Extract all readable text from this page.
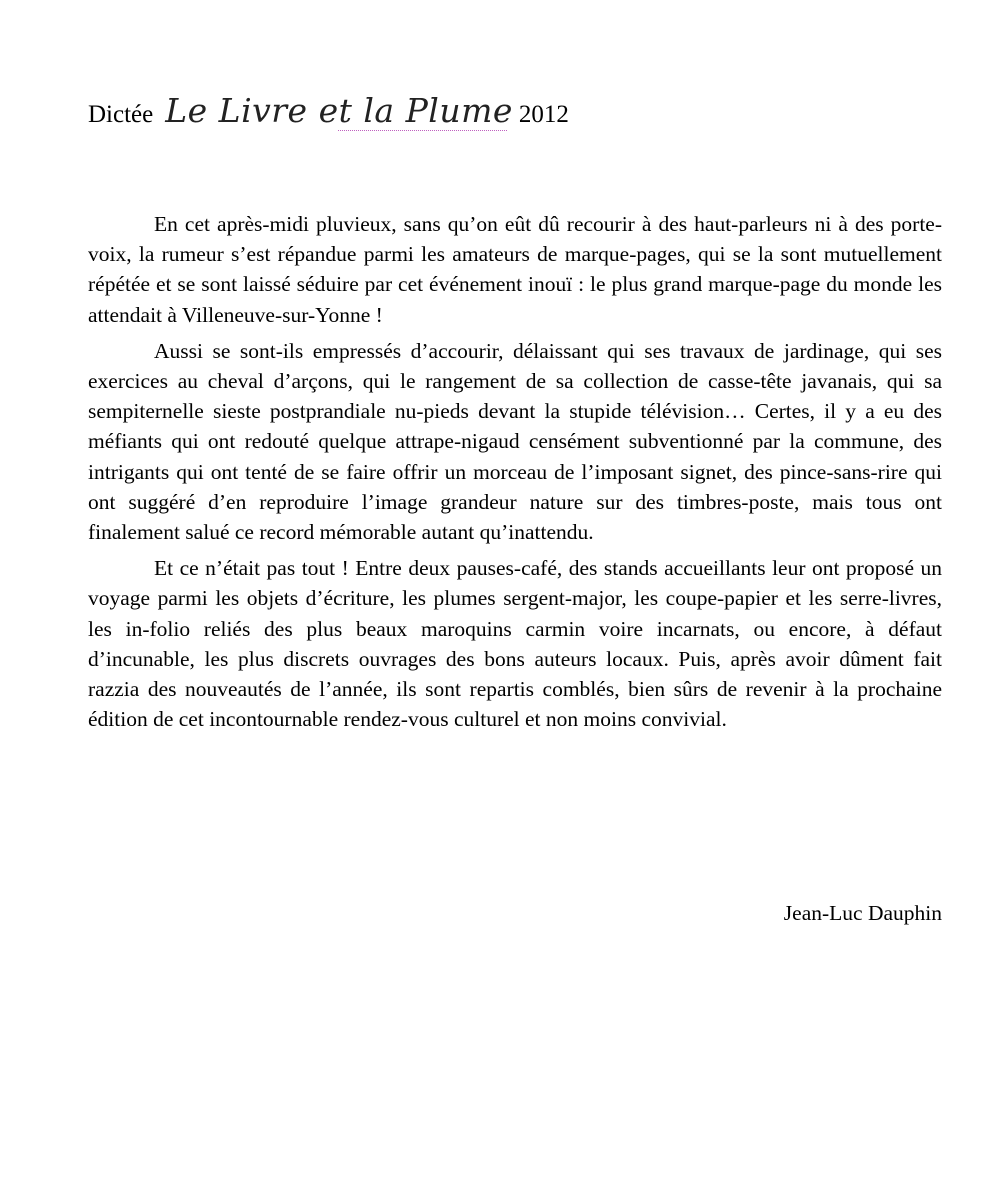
Dictée Le Livre et la Plume 2012

En cet après-midi pluvieux, sans qu’on eût dû recourir à des haut-parleurs ni à des porte-voix, la rumeur s’est répandue parmi les amateurs de marque-pages, qui se la sont mutuellement répétée et se sont laissé séduire par cet événement inouï : le plus grand marque-page du monde les attendait à Villeneuve-sur-Yonne !

Aussi se sont-ils empressés d’accourir, délaissant qui ses travaux de jardinage, qui ses exercices au cheval d’arçons, qui le rangement de sa collection de casse-tête javanais, qui sa sempiternelle sieste postprandiale nu-pieds devant la stupide télévision… Certes, il y a eu des méfiants qui ont redouté quelque attrape-nigaud censément subventionné par la commune, des intrigants qui ont tenté de se faire offrir un morceau de l’imposant signet, des pince-sans-rire qui ont suggéré d’en reproduire l’image grandeur nature sur des timbres-poste, mais tous ont finalement salué ce record mémorable autant qu’inattendu.

Et ce n’était pas tout ! Entre deux pauses-café, des stands accueillants leur ont proposé un voyage parmi les objets d’écriture, les plumes sergent-major, les coupe-papier et les serre-livres, les in-folio reliés des plus beaux maroquins carmin voire incarnats, ou encore, à défaut d’incunable, les plus discrets ouvrages des bons auteurs locaux. Puis, après avoir dûment fait razzia des nouveautés de l’année, ils sont repartis comblés, bien sûrs de revenir à la prochaine édition de cet incontournable rendez-vous culturel et non moins convivial.

Jean-Luc Dauphin
